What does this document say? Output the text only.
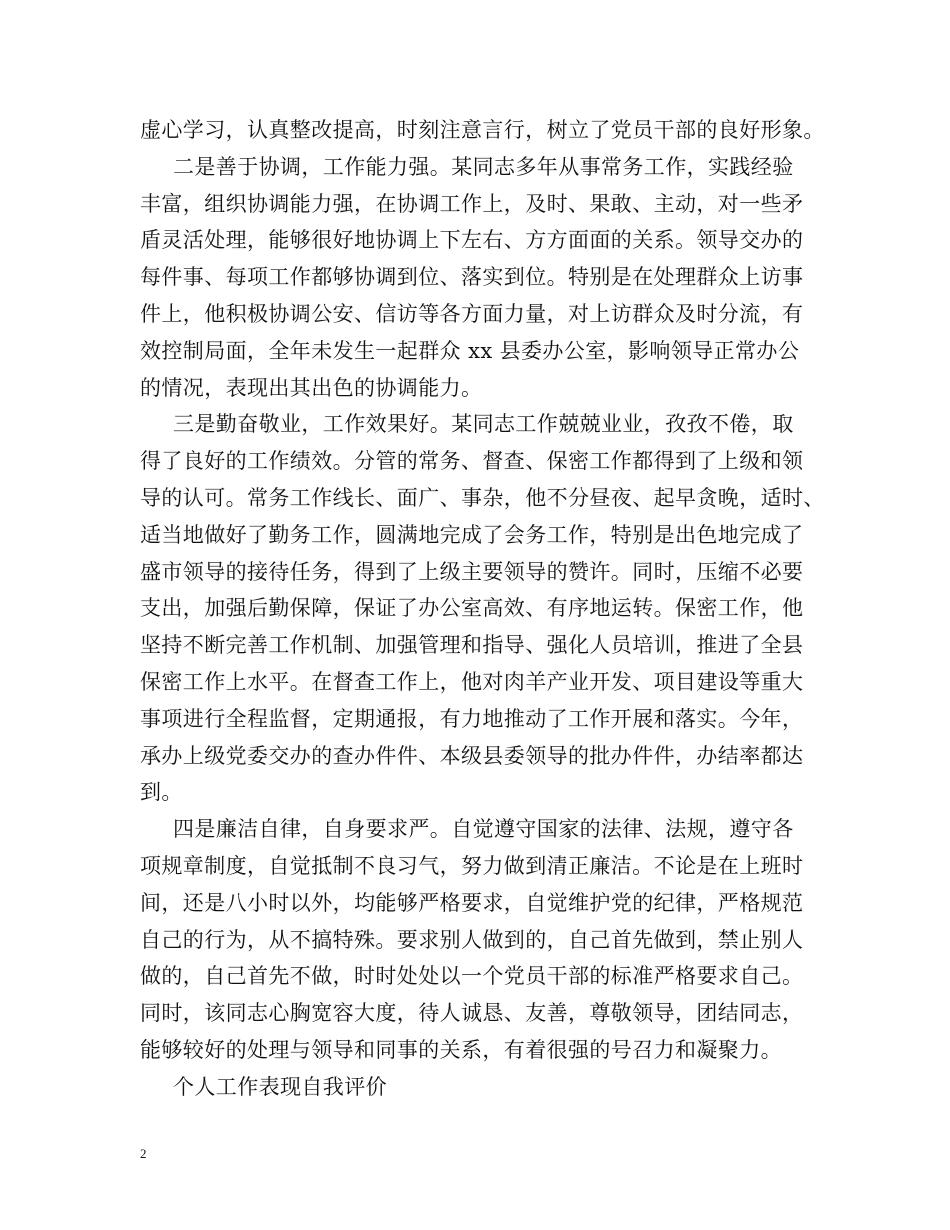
虚心学习，认真整改提高，时刻注意言行，树立了党员干部的良好形象。
二是善于协调，工作能力强。某同志多年从事常务工作，实践经验
丰富，组织协调能力强，在协调工作上，及时、果敢、主动，对一些矛
盾灵活处理，能够很好地协调上下左右、方方面面的关系。领导交办的
每件事、每项工作都够协调到位、落实到位。特别是在处理群众上访事
件上，他积极协调公安、信访等各方面力量，对上访群众及时分流，有
效控制局面，全年未发生一起群众 xx 县委办公室，影响领导正常办公
的情况，表现出其出色的协调能力。
三是勤奋敬业，工作效果好。某同志工作兢兢业业，孜孜不倦，取
得了良好的工作绩效。分管的常务、督查、保密工作都得到了上级和领
导的认可。常务工作线长、面广、事杂，他不分昼夜、起早贪晚，适时、
适当地做好了勤务工作，圆满地完成了会务工作，特别是出色地完成了
盛市领导的接待任务，得到了上级主要领导的赞许。同时，压缩不必要
支出，加强后勤保障，保证了办公室高效、有序地运转。保密工作，他
坚持不断完善工作机制、加强管理和指导、强化人员培训，推进了全县
保密工作上水平。在督查工作上，他对肉羊产业开发、项目建设等重大
事项进行全程监督，定期通报，有力地推动了工作开展和落实。今年，
承办上级党委交办的查办件件、本级县委领导的批办件件，办结率都达
到。
四是廉洁自律，自身要求严。自觉遵守国家的法律、法规，遵守各
项规章制度，自觉抵制不良习气，努力做到清正廉洁。不论是在上班时
间，还是八小时以外，均能够严格要求，自觉维护党的纪律，严格规范
自己的行为，从不搞特殊。要求别人做到的，自己首先做到，禁止别人
做的，自己首先不做，时时处处以一个党员干部的标准严格要求自己。
同时，该同志心胸宽容大度，待人诚恳、友善，尊敬领导，团结同志，
能够较好的处理与领导和同事的关系，有着很强的号召力和凝聚力。
个人工作表现自我评价
2
